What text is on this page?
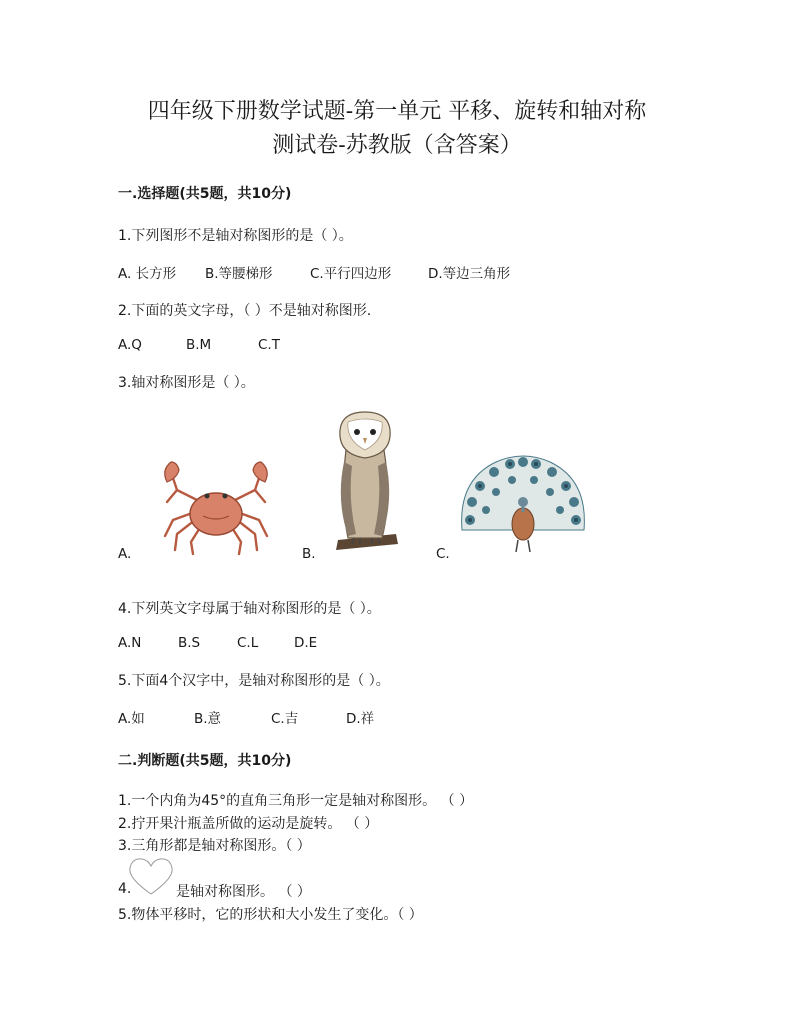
四年级下册数学试题-第一单元 平移、旋转和轴对称
测试卷-苏教版（含答案）
一.选择题(共5题，共10分)
1.下列图形不是轴对称图形的是（ ）。
A. 长方形 B.等腰梯形	C.平行四边形	D.等边三角形
2.下面的英文字母，（ ）不是轴对称图形.
A.Q	B.M	C.T
3.轴对称图形是（ ）。
A.	B.	C.
4.下列英文字母属于轴对称图形的是（ ）。
A.N	B.S	C.L	D.E
5.下面4个汉字中，是轴对称图形的是（ ）。
A.如	B.意	C.吉	D.祥
二.判断题(共5题，共10分)
1.一个内角为45°的直角三角形一定是轴对称图形。 （ ）
2.拧开果汁瓶盖所做的运动是旋转。 （ ）
3.三角形都是轴对称图形。（ ）
4.	是轴对称图形。 （ ）
5.物体平移时，它的形状和大小发生了变化。（ ）
